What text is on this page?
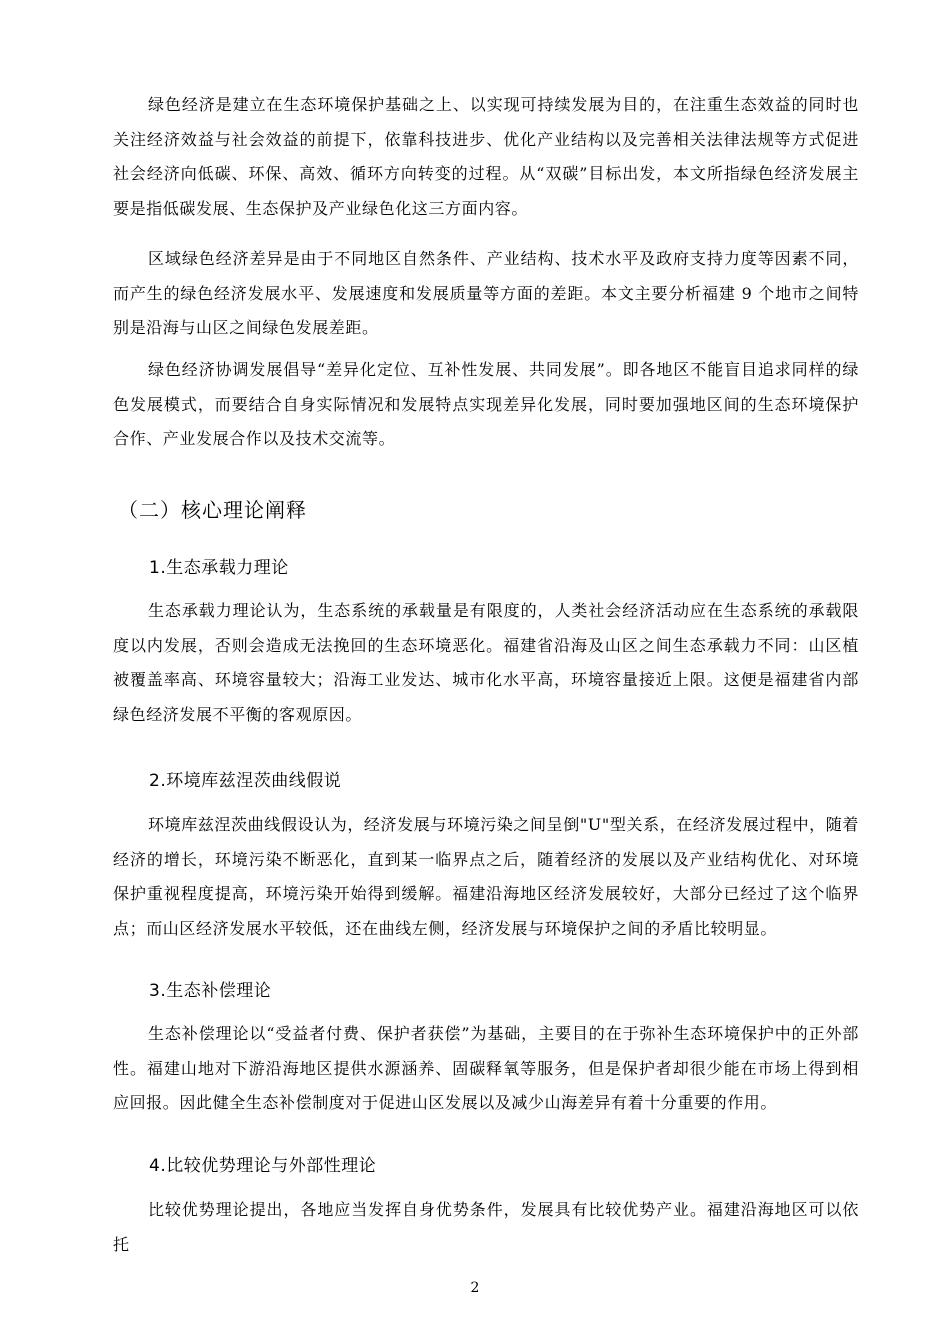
绿色经济是建立在生态环境保护基础之上、以实现可持续发展为目的，在注重生态效益的同时也关注经济效益与社会效益的前提下，依靠科技进步、优化产业结构以及完善相关法律法规等方式促进社会经济向低碳、环保、高效、循环方向转变的过程。从“双碳”目标出发，本文所指绿色经济发展主要是指低碳发展、生态保护及产业绿色化这三方面内容。

区域绿色经济差异是由于不同地区自然条件、产业结构、技术水平及政府支持力度等因素不同，而产生的绿色经济发展水平、发展速度和发展质量等方面的差距。本文主要分析福建 9 个地市之间特别是沿海与山区之间绿色发展差距。

绿色经济协调发展倡导“差异化定位、互补性发展、共同发展”。即各地区不能盲目追求同样的绿色发展模式，而要结合自身实际情况和发展特点实现差异化发展，同时要加强地区间的生态环境保护合作、产业发展合作以及技术交流等。

（二）核心理论阐释
1.生态承载力理论

生态承载力理论认为，生态系统的承载量是有限度的，人类社会经济活动应在生态系统的承载限度以内发展，否则会造成无法挽回的生态环境恶化。福建省沿海及山区之间生态承载力不同：山区植被覆盖率高、环境容量较大；沿海工业发达、城市化水平高，环境容量接近上限。这便是福建省内部绿色经济发展不平衡的客观原因。

2.环境库兹涅茨曲线假说

环境库兹涅茨曲线假设认为，经济发展与环境污染之间呈倒"U"型关系，在经济发展过程中，随着经济的增长，环境污染不断恶化，直到某一临界点之后，随着经济的发展以及产业结构优化、对环境保护重视程度提高，环境污染开始得到缓解。福建沿海地区经济发展较好，大部分已经过了这个临界点；而山区经济发展水平较低，还在曲线左侧，经济发展与环境保护之间的矛盾比较明显。

3.生态补偿理论

生态补偿理论以“受益者付费、保护者获偿”为基础，主要目的在于弥补生态环境保护中的正外部性。福建山地对下游沿海地区提供水源涵养、固碳释氧等服务，但是保护者却很少能在市场上得到相应回报。因此健全生态补偿制度对于促进山区发展以及减少山海差异有着十分重要的作用。

4.比较优势理论与外部性理论

比较优势理论提出，各地应当发挥自身优势条件，发展具有比较优势产业。福建沿海地区可以依托

2
